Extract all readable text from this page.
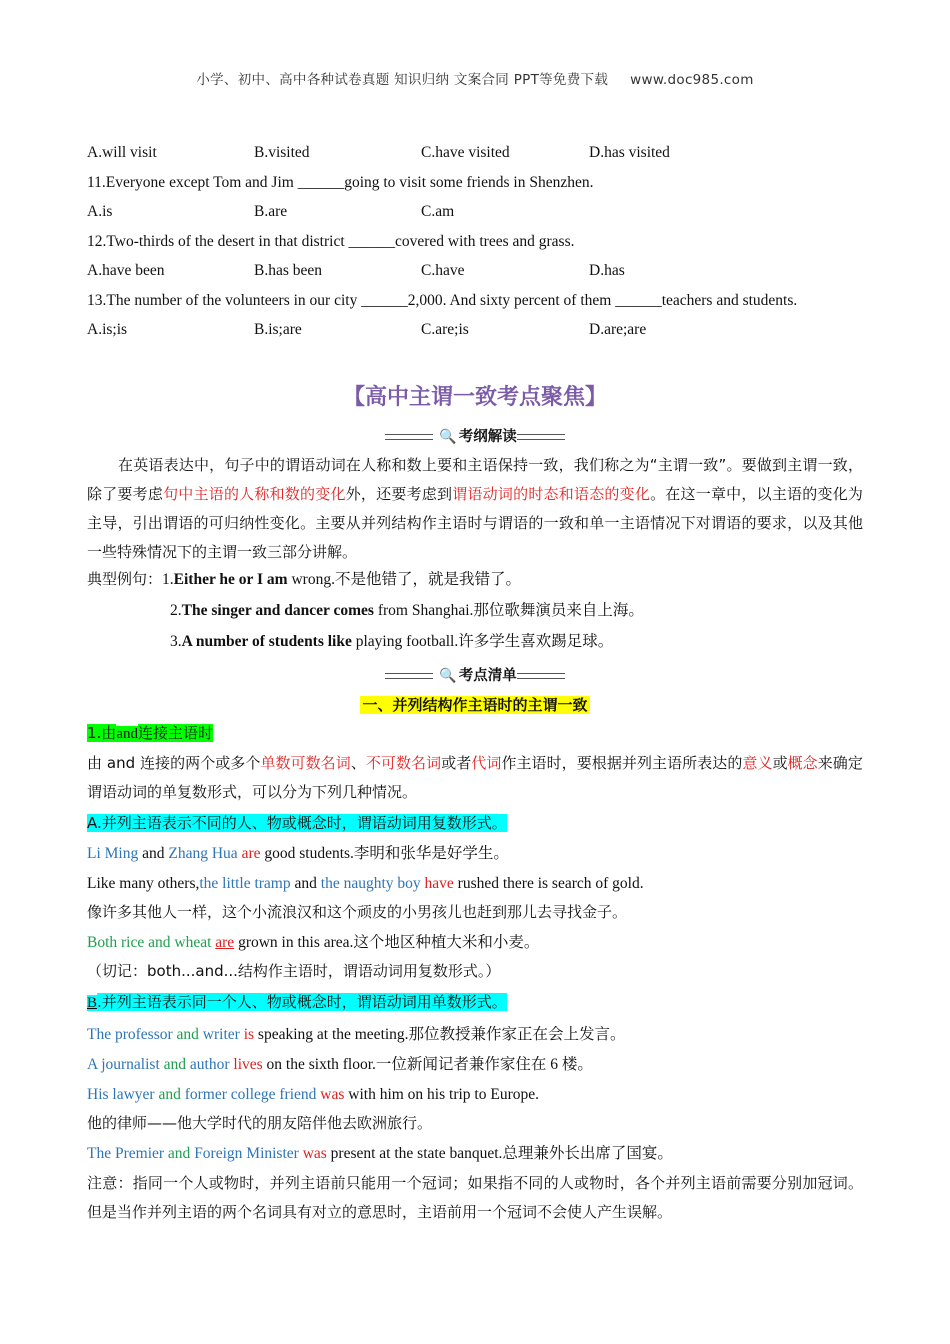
小学、初中、高中各种试卷真题 知识归纳 文案合同 PPT等免费下载 www.doc985.com
A.will visit	B.visited	C.have visited	D.has visited
11.Everyone except Tom and Jim ______going to visit some friends in Shenzhen.
A.is	B.are	C.am
12.Two-thirds of the desert in that district ______covered with trees and grass.
A.have been	B.has been	C.have	D.has
13.The number of the volunteers in our city ______2,000. And sixty percent of them ______teachers and students.
A.is;is	B.is;are	C.are;is	D.are;are
【高中主谓一致考点聚焦】
🔍 考纲解读
在英语表达中，句子中的谓语动词在人称和数上要和主语保持一致，我们称之为“主谓一致”。要做到主谓一致，除了要考虑句中主语的人称和数的变化外，还要考虑到谓语动词的时态和语态的变化。在这一章中，以主语的变化为主导，引出谓语的可归纳性变化。主要从并列结构作主语时与谓语的一致和单一主语情况下对谓语的要求，以及其他一些特殊情况下的主谓一致三部分讲解。
典型例句：1.Either he or I am wrong.不是他错了，就是我错了。
2.The singer and dancer comes from Shanghai.那位歌舞演员来自上海。
3.A number of students like playing football.许多学生喜欢踢足球。
🔍 考点清单
一、并列结构作主语时的主谓一致
1.由and连接主语时
由 and 连接的两个或多个单数可数名词、不可数名词或者代词作主语时，要根据并列主语所表达的意义或概念来确定谓语动词的单复数形式，可以分为下列几种情况。
A.并列主语表示不同的人、物或概念时，谓语动词用复数形式。
Li Ming and Zhang Hua are good students.李明和张华是好学生。
Like many others,the little tramp and the naughty boy have rushed there is search of gold.
像许多其他人一样，这个小流浪汉和这个顽皮的小男孩儿也赶到那儿去寻找金子。
Both rice and wheat are grown in this area.这个地区种植大米和小麦。
（切记：both...and...结构作主语时，谓语动词用复数形式。）
B.并列主语表示同一个人、物或概念时，谓语动词用单数形式。
The professor and writer is speaking at the meeting.那位教授兼作家正在会上发言。
A journalist and author lives on the sixth floor.一位新闻记者兼作家住在 6 楼。
His lawyer and former college friend was with him on his trip to Europe.
他的律师——他大学时代的朋友陪伴他去欧洲旅行。
The Premier and Foreign Minister was present at the state banquet.总理兼外长出席了国宴。
注意：指同一个人或物时，并列主语前只能用一个冠词；如果指不同的人或物时，各个并列主语前需要分别加冠词。但是当作并列主语的两个名词具有对立的意思时，主语前用一个冠词不会使人产生误解。
